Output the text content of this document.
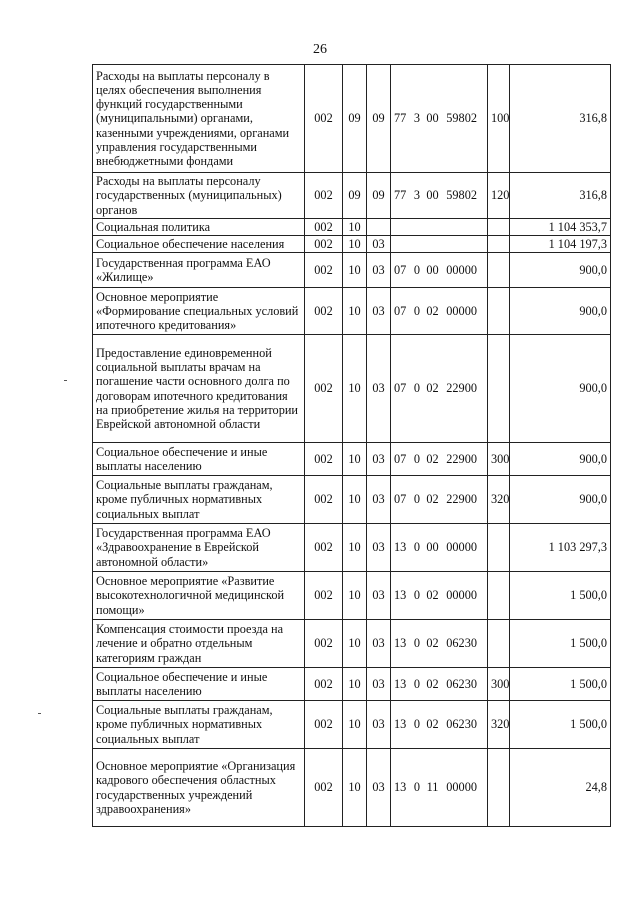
26
Расходы на выплаты персоналу в целях обеспечения выполнения функций государственными (муниципальными) органами, казенными учреждениями, органами управления государственными внебюджетными фондами	002	09	09	77 3 00 59802	100	316,8
Расходы на выплаты персоналу государственных (муниципальных) органов	002	09	09	77 3 00 59802	120	316,8
Социальная политика	002	10				1 104 353,7
Социальное обеспечение населения	002	10	03			1 104 197,3
Государственная программа ЕАО «Жилище»	002	10	03	07 0 00 00000		900,0
Основное мероприятие «Формирование специальных условий ипотечного кредитования»	002	10	03	07 0 02 00000		900,0
Предоставление единовременной социальной выплаты врачам на погашение части основного долга по договорам ипотечного кредитования на приобретение жилья на территории Еврейской автономной области	002	10	03	07 0 02 22900		900,0
Социальное обеспечение и иные выплаты населению	002	10	03	07 0 02 22900	300	900,0
Социальные выплаты гражданам, кроме публичных нормативных социальных выплат	002	10	03	07 0 02 22900	320	900,0
Государственная программа ЕАО «Здравоохранение в Еврейской автономной области»	002	10	03	13 0 00 00000		1 103 297,3
Основное мероприятие «Развитие высокотехнологичной медицинской помощи»	002	10	03	13 0 02 00000		1 500,0
Компенсация стоимости проезда на лечение и обратно отдельным категориям граждан	002	10	03	13 0 02 06230		1 500,0
Социальное обеспечение и иные выплаты населению	002	10	03	13 0 02 06230	300	1 500,0
Социальные выплаты гражданам, кроме публичных нормативных социальных выплат	002	10	03	13 0 02 06230	320	1 500,0
Основное мероприятие «Организация кадрового обеспечения областных государственных учреждений здравоохранения»	002	10	03	13 0 11 00000		24,8
